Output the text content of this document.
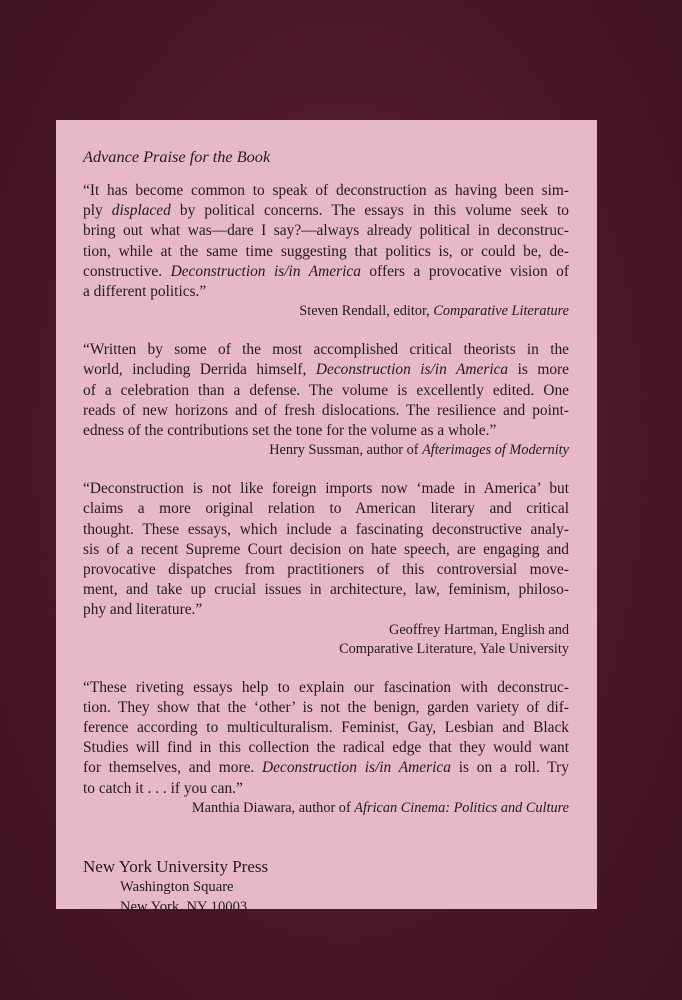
Advance Praise for the Book
“It has become common to speak of deconstruction as having been sim-
ply displaced by political concerns. The essays in this volume seek to
bring out what was—dare I say?—always already political in deconstruc-
tion, while at the same time suggesting that politics is, or could be, de-
constructive. Deconstruction is/in America offers a provocative vision of
a different politics.”
Steven Rendall, editor, Comparative Literature
“Written by some of the most accomplished critical theorists in the
world, including Derrida himself, Deconstruction is/in America is more
of a celebration than a defense. The volume is excellently edited. One
reads of new horizons and of fresh dislocations. The resilience and point-
edness of the contributions set the tone for the volume as a whole.”
Henry Sussman, author of Afterimages of Modernity
“Deconstruction is not like foreign imports now ‘made in America’ but
claims a more original relation to American literary and critical
thought. These essays, which include a fascinating deconstructive analy-
sis of a recent Supreme Court decision on hate speech, are engaging and
provocative dispatches from practitioners of this controversial move-
ment, and take up crucial issues in architecture, law, feminism, philoso-
phy and literature.”
Geoffrey Hartman, English and
Comparative Literature, Yale University
“These riveting essays help to explain our fascination with deconstruc-
tion. They show that the ‘other’ is not the benign, garden variety of dif-
ference according to multiculturalism. Feminist, Gay, Lesbian and Black
Studies will find in this collection the radical edge that they would want
for themselves, and more. Deconstruction is/in America is on a roll. Try
to catch it . . . if you can.”
Manthia Diawara, author of African Cinema: Politics and Culture
New York University Press
Washington Square
New York, NY 10003
